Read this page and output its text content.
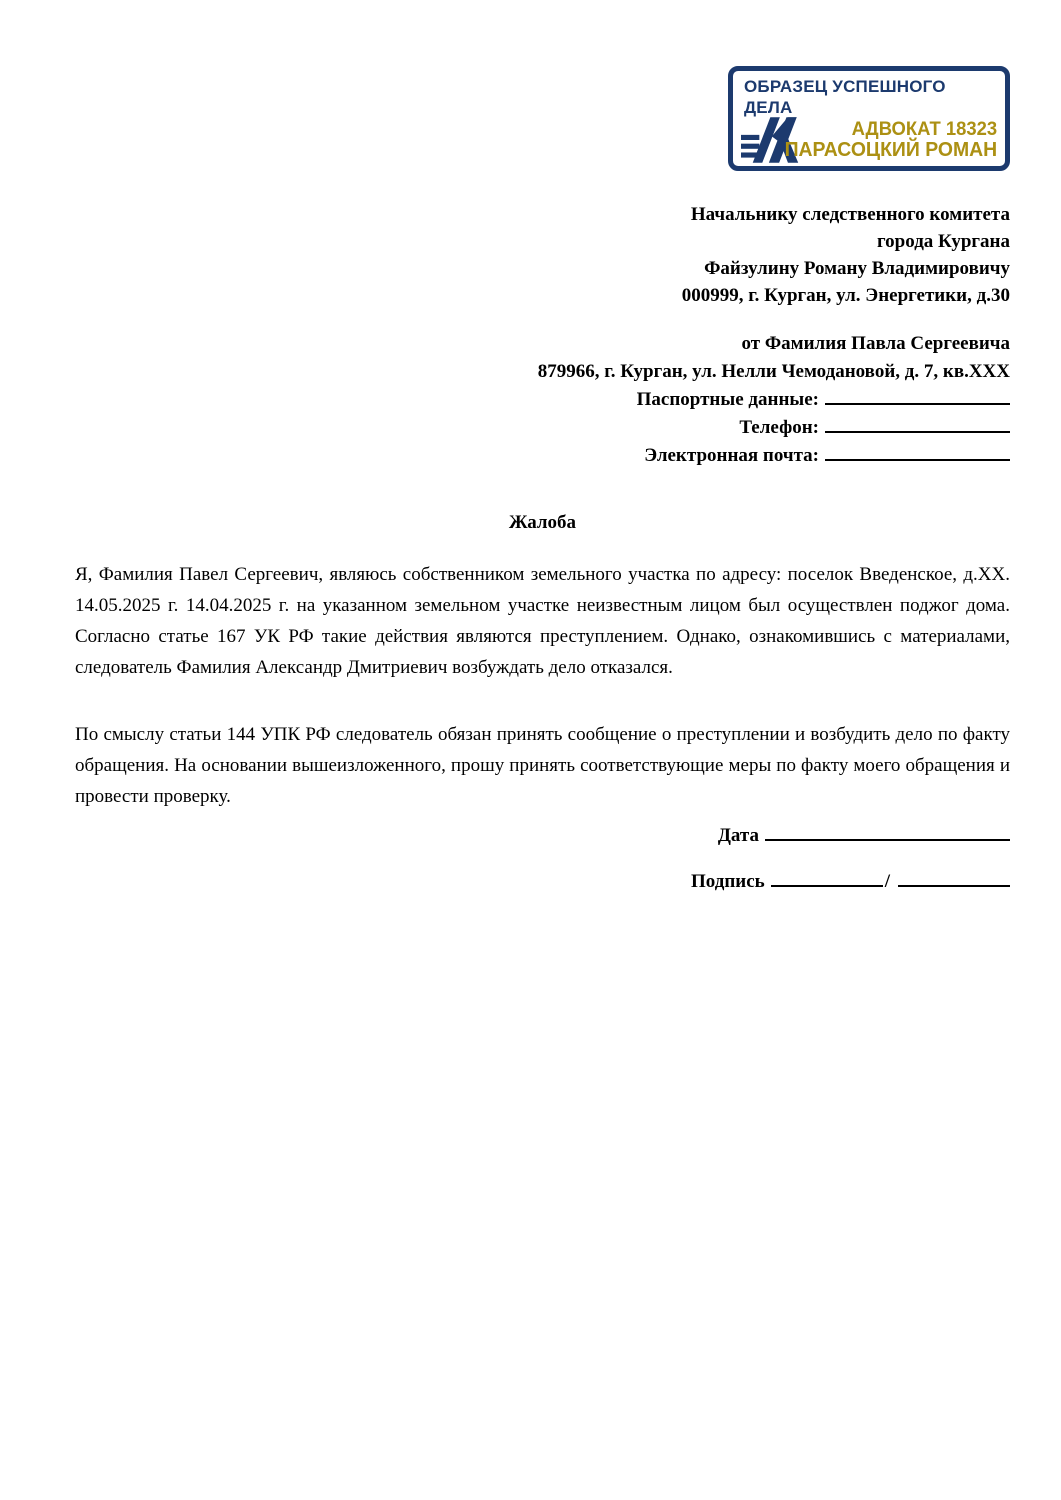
ОБРАЗЕЦ УСПЕШНОГО
ДЕЛА
АДВОКАТ 18323
ПАРАСОЦКИЙ РОМАН
Начальнику следственного комитета
города Кургана
Файзулину Роману Владимировичу
000999, г. Курган, ул. Энергетики, д.30
от Фамилия Павла Сергеевича
879966, г. Курган, ул. Нелли Чемодановой, д. 7, кв.XXX
Паспортные данные:
Телефон:
Электронная почта:
Жалоба
Я, Фамилия Павел Сергеевич, являюсь собственником земельного участка по адресу: поселок Введенское, д.XX. 14.05.2025 г. 14.04.2025 г. на указанном земельном участке неизвестным лицом был осуществлен поджог дома. Согласно статье 167 УК РФ такие действия являются преступлением. Однако, ознакомившись с материалами, следователь Фамилия Александр Дмитриевич возбуждать дело отказался.
По смыслу статьи 144 УПК РФ следователь обязан принять сообщение о преступлении и возбудить дело по факту обращения. На основании вышеизложенного, прошу принять соответствующие меры по факту моего обращения и провести проверку.
Дата
Подпись	/
